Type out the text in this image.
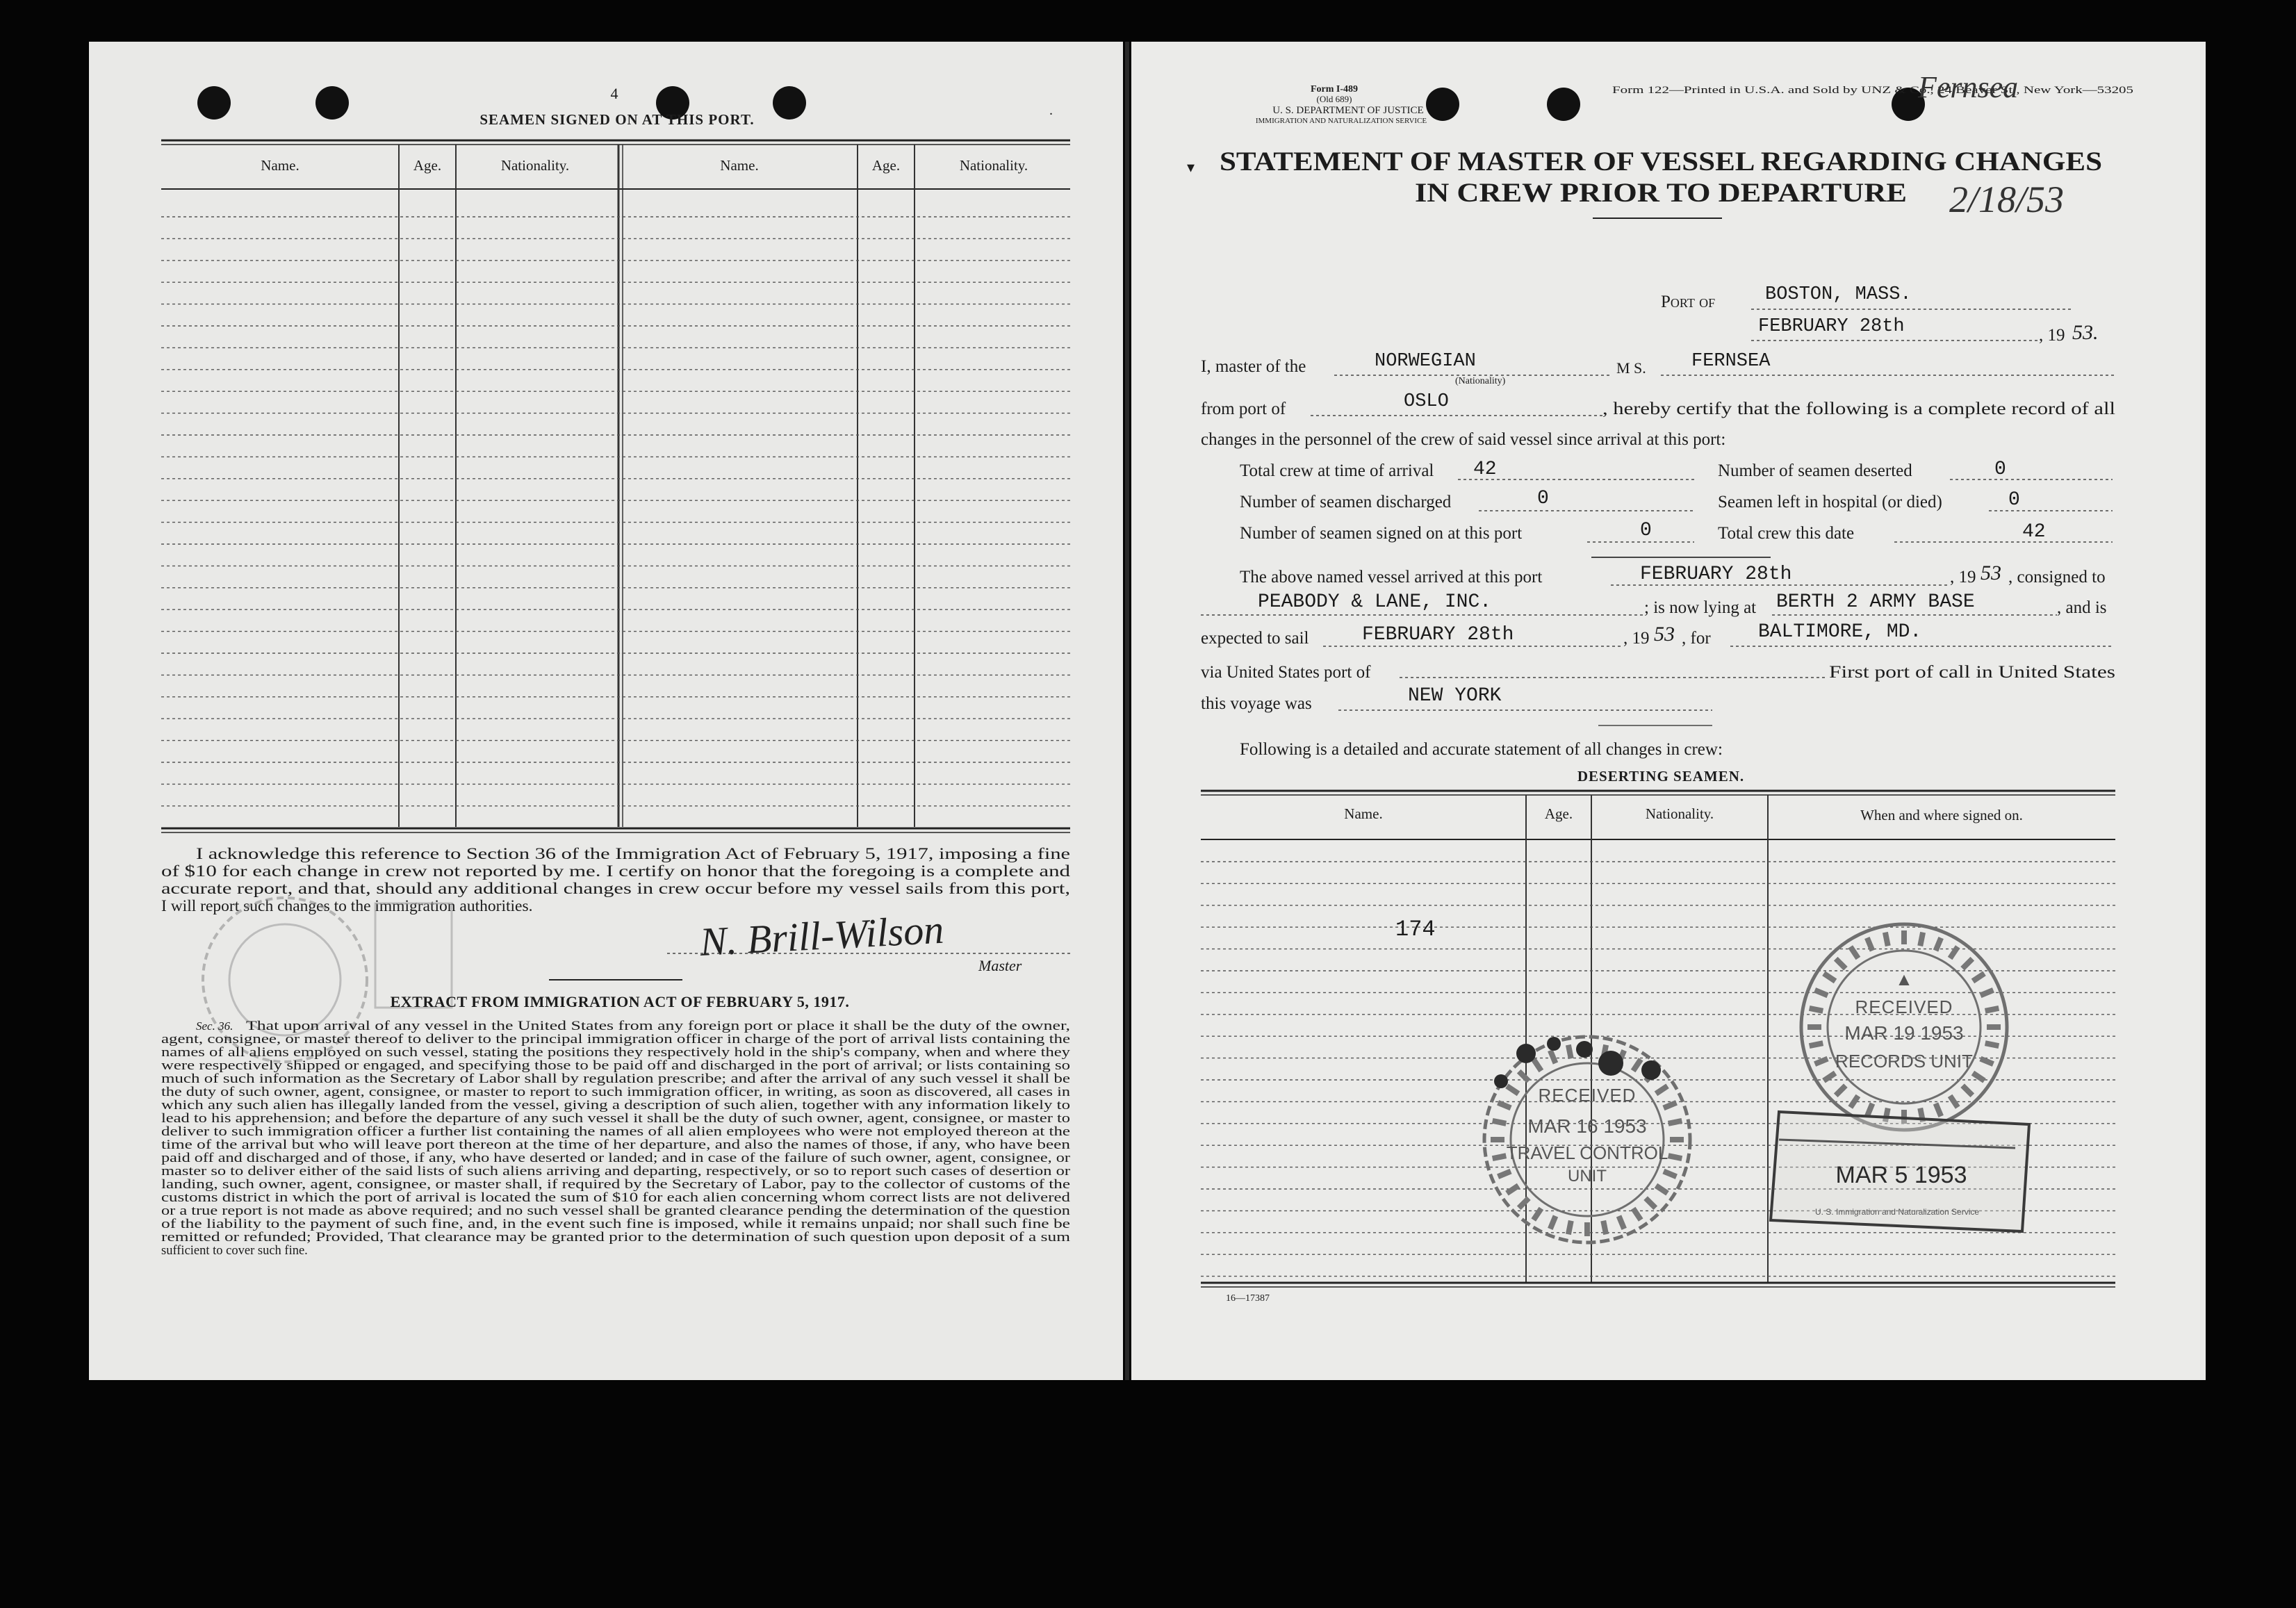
4
SEAMEN SIGNED ON AT THIS PORT.
.
Name.	Age.	Nationality.	Name.	Age.	Nationality.
I acknowledge this reference to Section 36 of the Immigration Act of February 5, 1917, imposing a fine
of $10 for each change in crew not reported by me. I certify on honor that the foregoing is a complete and
accurate report, and that, should any additional changes in crew occur before my vessel sails from this port,
I will report such changes to the immigration authorities.
N. Brill-Wilson
Master
EXTRACT FROM IMMIGRATION ACT OF FEBRUARY 5, 1917.
Sec. 36. That upon arrival of any vessel in the United States from any foreign port or place it shall be the duty of the owner,
agent, consignee, or master thereof to deliver to the principal immigration officer in charge of the port of arrival lists containing the
names of all aliens employed on such vessel, stating the positions they respectively hold in the ship's company, when and where they
were respectively shipped or engaged, and specifying those to be paid off and discharged in the port of arrival; or lists containing so
much of such information as the Secretary of Labor shall by regulation prescribe; and after the arrival of any such vessel it shall be
the duty of such owner, agent, consignee, or master to report to such immigration officer, in writing, as soon as discovered, all cases in
which any such alien has illegally landed from the vessel, giving a description of such alien, together with any information likely to
lead to his apprehension; and before the departure of any such vessel it shall be the duty of such owner, agent, consignee, or master to
deliver to such immigration officer a further list containing the names of all alien employees who were not employed thereon at the
time of the arrival but who will leave port thereon at the time of her departure, and also the names of those, if any, who have been
paid off and discharged and of those, if any, who have deserted or landed; and in case of the failure of such owner, agent, consignee, or
master so to deliver either of the said lists of such aliens arriving and departing, respectively, or so to report such cases of desertion or
landing, such owner, agent, consignee, or master shall, if required by the Secretary of Labor, pay to the collector of customs of the
customs district in which the port of arrival is located the sum of $10 for each alien concerning whom correct lists are not delivered
or a true report is not made as above required; and no such vessel shall be granted clearance pending the determination of the question
of the liability to the payment of such fine, and, in the event such fine is imposed, while it remains unpaid; nor shall such fine be
remitted or refunded; Provided, That clearance may be granted prior to the determination of such question upon deposit of a sum
sufficient to cover such fine.
Form I-489
(Old 689)
U. S. DEPARTMENT OF JUSTICE
IMMIGRATION AND NATURALIZATION SERVICE
Form 122—Printed in U.S.A. and Sold by UNZ & Co., 24 Beaver St., New York—53205
Fernsea
2/18/53
▾ STATEMENT OF MASTER OF VESSEL REGARDING CHANGES
IN CREW PRIOR TO DEPARTURE
Port of	BOSTON, MASS.
FEBRUARY 28th	, 19 53.
I, master of the	NORWEGIAN
(Nationality)
M S. FERNSEA
from port of	OSLO	, hereby certify that the following is a complete record of all
changes in the personnel of the crew of said vessel since arrival at this port:
Total crew at time of arrival 42	Number of seamen deserted	0
Number of seamen discharged	0	Seamen left in hospital (or died)	0
Number of seamen signed on at this port	0	Total crew this date	42
The above named vessel arrived at this port	FEBRUARY 28th	, 19 53 , consigned to
PEABODY & LANE, INC.	; is now lying at BERTH 2 ARMY BASE	, and is
expected to sail	FEBRUARY 28th	, 19 53 , for BALTIMORE, MD.
via United States port of	First port of call in United States
this voyage was	NEW YORK
Following is a detailed and accurate statement of all changes in crew:
DESERTING SEAMEN.
Name.	Age.	Nationality.	When and where signed on.
174
16—17387
▲
RECEIVED
MAR 19 1953
RECORDS UNIT
RECEIVED
MAR 16 1953
TRAVEL CONTROL
UNIT	MAR 5 1953
U. S. Immigration and Naturalization Service
